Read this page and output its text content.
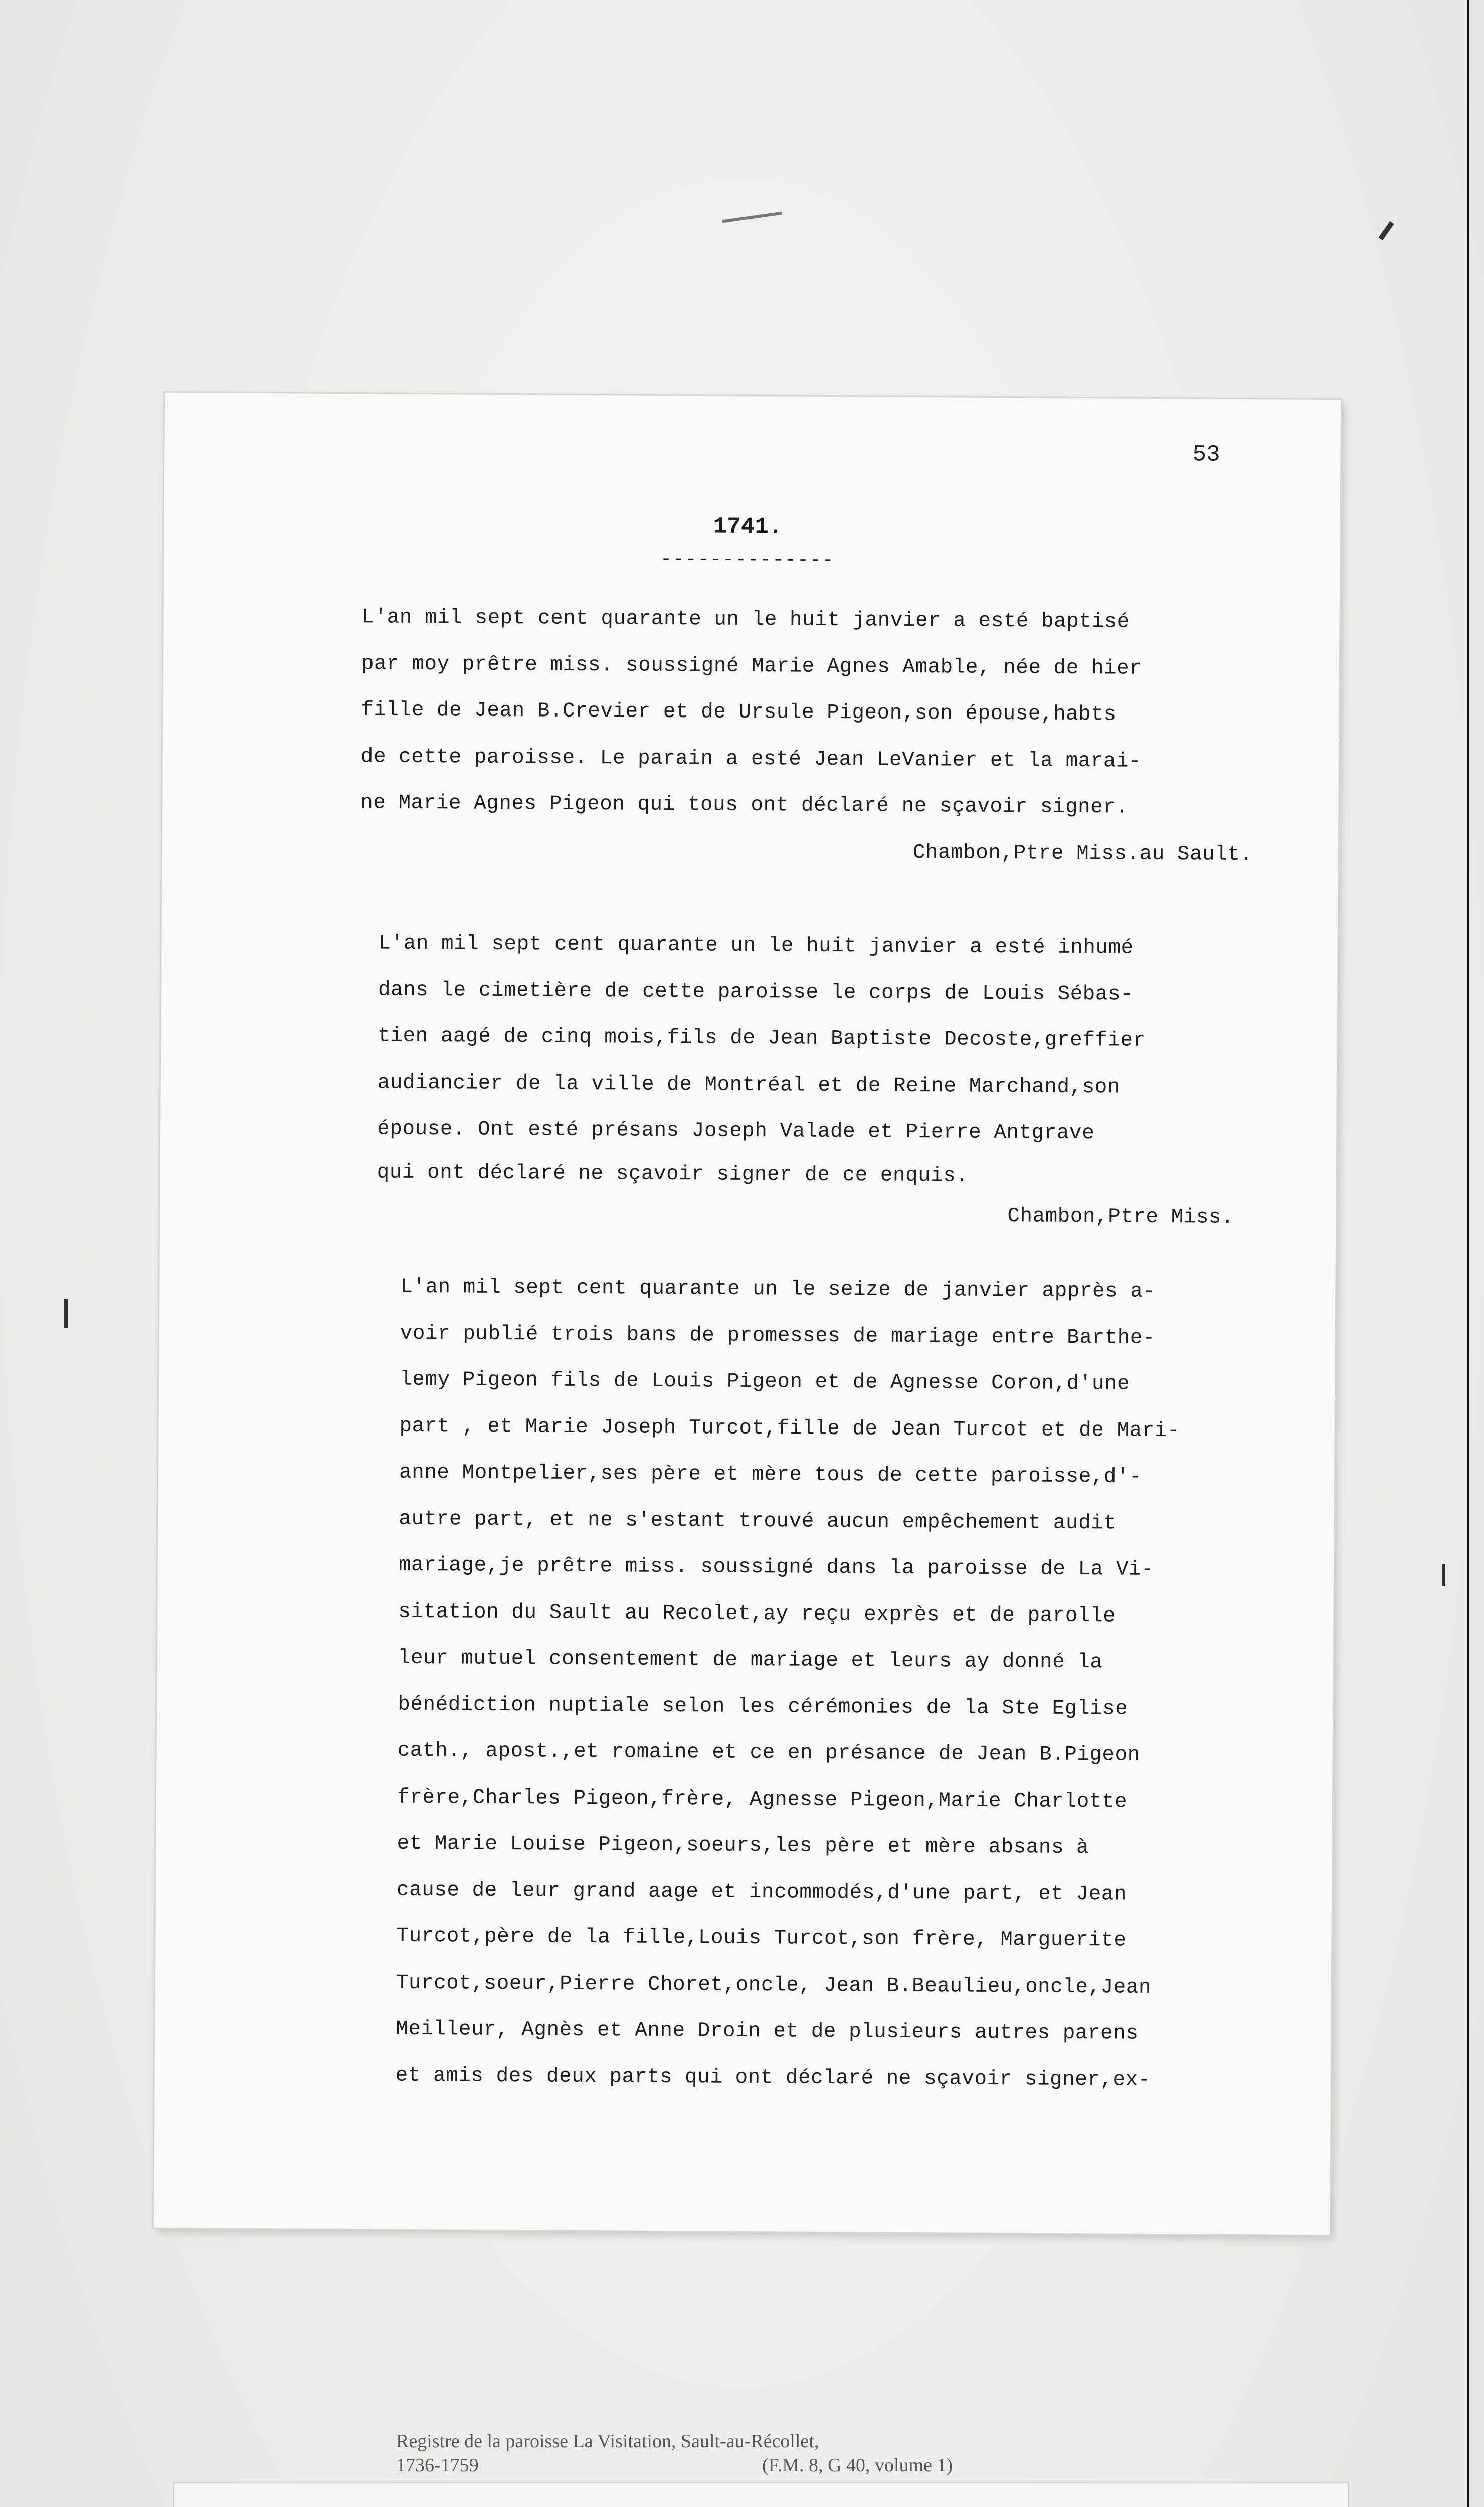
53
1741.
--------------
L'an mil sept cent quarante un le huit janvier a esté baptisé
par moy prêtre miss. soussigné Marie Agnes Amable, née de hier
fille de Jean B.Crevier et de Ursule Pigeon,son épouse,habts
de cette paroisse. Le parain a esté Jean LeVanier et la marai-
ne Marie Agnes Pigeon qui tous ont déclaré ne sçavoir signer.
Chambon,Ptre Miss.au Sault.
L'an mil sept cent quarante un le huit janvier a esté inhumé
dans le cimetière de cette paroisse le corps de Louis Sébas-
tien aagé de cinq mois,fils de Jean Baptiste Decoste,greffier
audiancier de la ville de Montréal et de Reine Marchand,son
épouse. Ont esté présans Joseph Valade et Pierre Antgrave
qui ont déclaré ne sçavoir signer de ce enquis.
Chambon,Ptre Miss.
L'an mil sept cent quarante un le seize de janvier apprès a-
voir publié trois bans de promesses de mariage entre Barthe-
lemy Pigeon fils de Louis Pigeon et de Agnesse Coron,d'une
part , et Marie Joseph Turcot,fille de Jean Turcot et de Mari-
anne Montpelier,ses père et mère tous de cette paroisse,d'-
autre part, et ne s'estant trouvé aucun empêchement audit
mariage,je prêtre miss. soussigné dans la paroisse de La Vi-
sitation du Sault au Recolet,ay reçu exprès et de parolle
leur mutuel consentement de mariage et leurs ay donné la
bénédiction nuptiale selon les cérémonies de la Ste Eglise
cath., apost.,et romaine et ce en présance de Jean B.Pigeon
frère,Charles Pigeon,frère, Agnesse Pigeon,Marie Charlotte
et Marie Louise Pigeon,soeurs,les père et mère absans à
cause de leur grand aage et incommodés,d'une part, et Jean
Turcot,père de la fille,Louis Turcot,son frère, Marguerite
Turcot,soeur,Pierre Choret,oncle, Jean B.Beaulieu,oncle,Jean
Meilleur, Agnès et Anne Droin et de plusieurs autres parens
et amis des deux parts qui ont déclaré ne sçavoir signer,ex-
Registre de la paroisse La Visitation, Sault-au-Récollet,
1736-1759	(F.M. 8, G 40, volume 1)
